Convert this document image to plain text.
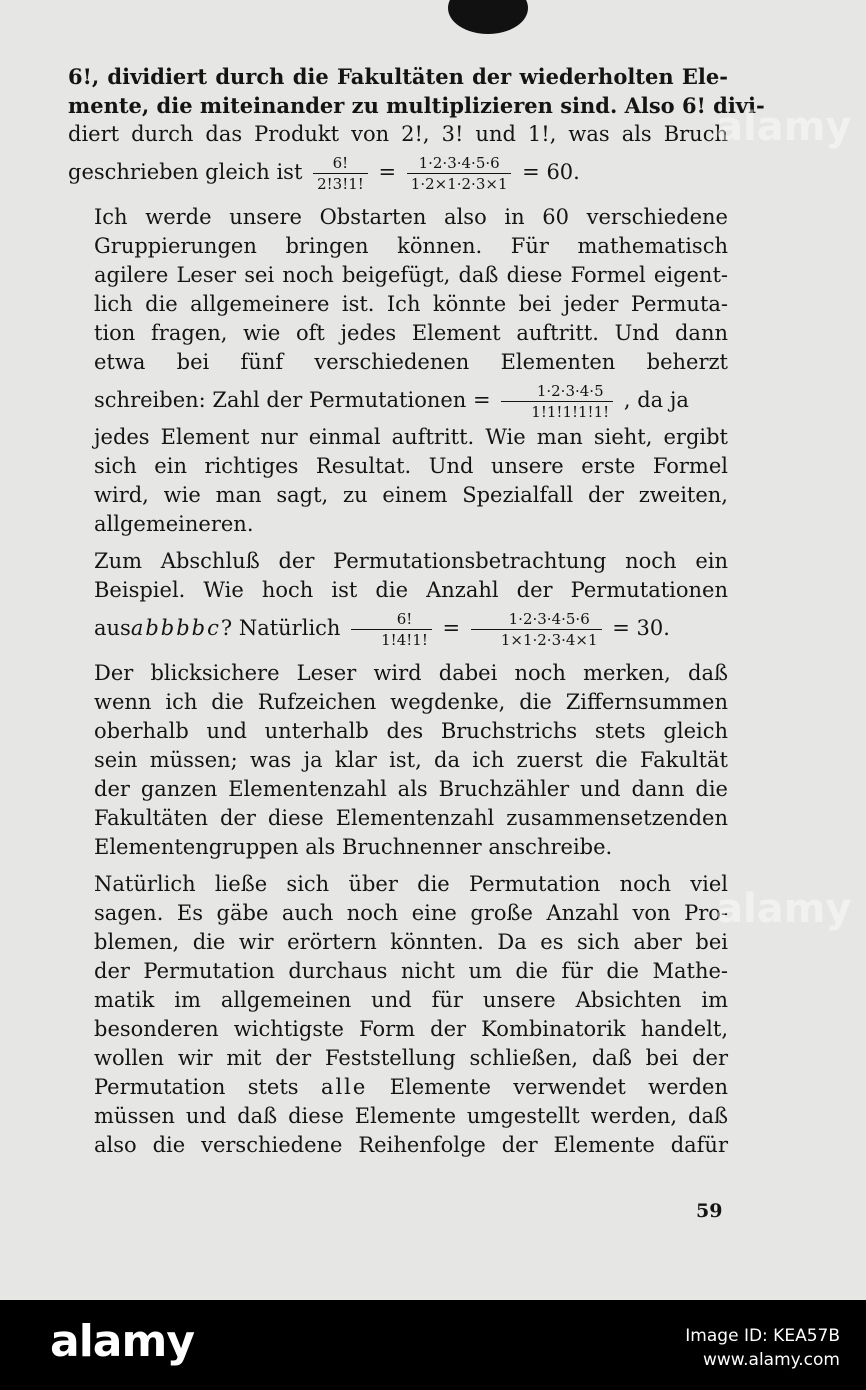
6!, dividiert durch die Fakultäten der wiederholten Ele-
mente, die miteinander zu multiplizieren sind. Also 6! divi-
diert durch das Produkt von 2!, 3! und 1!, was als Bruch
geschrieben gleich ist $\frac{6!}{2!3!1!} = \frac{1\cdot 2\cdot 3\cdot 4\cdot 5\cdot 6}{1\cdot 2\times 1\cdot 2\cdot 3\times 1} = 60$.

Ich werde unsere Obstarten also in 60 verschiedene
Gruppierungen bringen können. Für mathematisch
agilere Leser sei noch beigefügt, daß diese Formel eigent-
lich die allgemeinere ist. Ich könnte bei jeder Permuta-
tion fragen, wie oft jedes Element auftritt. Und dann
etwa bei fünf verschiedenen Elementen beherzt
schreiben: Zahl der Permutationen = $\frac{1\cdot 2\cdot 3\cdot 4\cdot 5}{1!1!1!1!1!}$ , da ja
jedes Element nur einmal auftritt. Wie man sieht, ergibt
sich ein richtiges Resultat. Und unsere erste Formel
wird, wie man sagt, zu einem Spezialfall der zweiten,
allgemeineren.

Zum Abschluß der Permutationsbetrachtung noch ein
Beispiel. Wie hoch ist die Anzahl der Permutationen
ausabbbbc? Natürlich $\frac{6!}{1!4!1!} = \frac{1\cdot 2\cdot 3\cdot 4\cdot 5\cdot 6}{1\times 1\cdot 2\cdot 3\cdot 4\times 1} = 30$.

Der blicksichere Leser wird dabei noch merken, daß
wenn ich die Rufzeichen wegdenke, die Ziffernsummen
oberhalb und unterhalb des Bruchstrichs stets gleich
sein müssen; was ja klar ist, da ich zuerst die Fakultät
der ganzen Elementenzahl als Bruchzähler und dann die
Fakultäten der diese Elementenzahl zusammensetzenden
Elementengruppen als Bruchnenner anschreibe.

Natürlich ließe sich über die Permutation noch viel
sagen. Es gäbe auch noch eine große Anzahl von Pro-
blemen, die wir erörtern könnten. Da es sich aber bei
der Permutation durchaus nicht um die für die Mathe-
matik im allgemeinen und für unsere Absichten im
besonderen wichtigste Form der Kombinatorik handelt,
wollen wir mit der Feststellung schließen, daß bei der
Permutation stets alle Elemente verwendet werden
müssen und daß diese Elemente umgestellt werden, daß
also die verschiedene Reihenfolge der Elemente dafür

59
alamy
alamy
alamy	Image ID: KEA57B
www.alamy.com
